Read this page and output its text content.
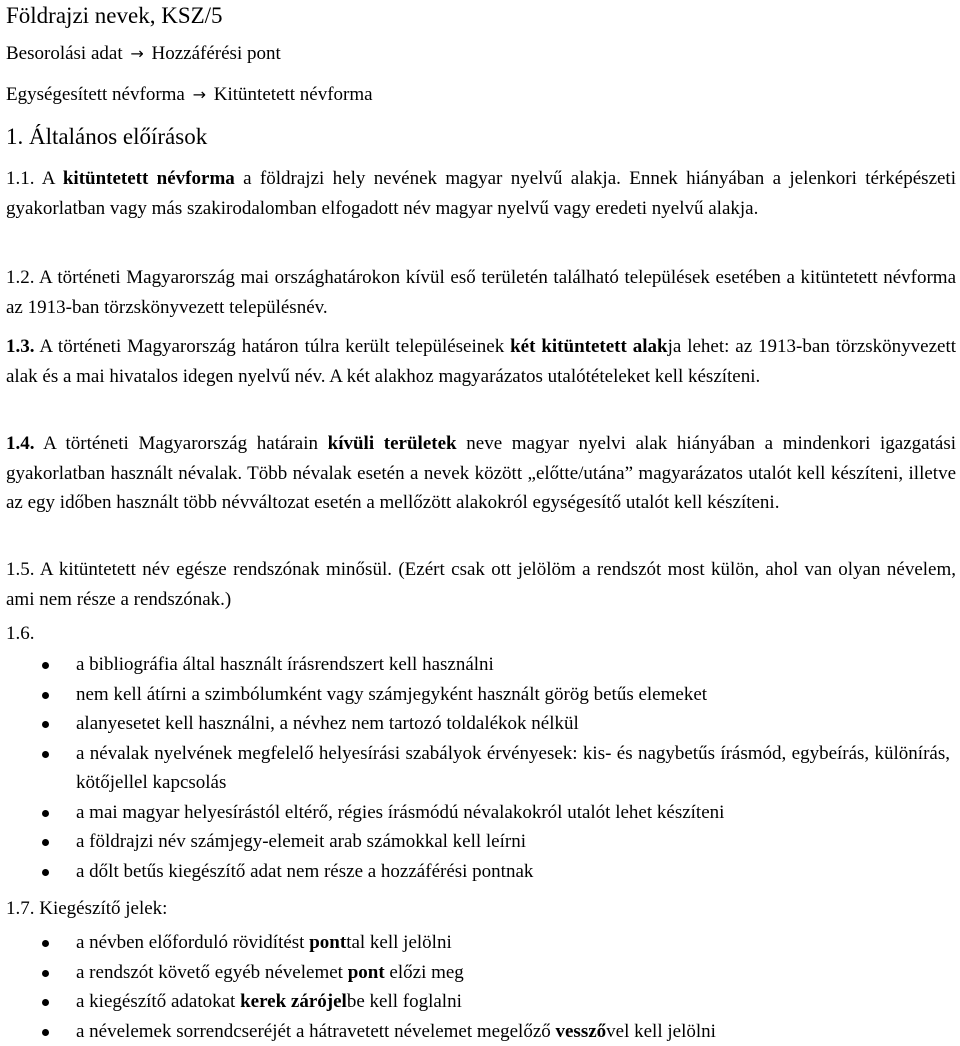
Földrajzi nevek, KSZ/5
Besorolási adat → Hozzáférési pont
Egységesített névforma → Kitüntetett névforma
1. Általános előírások
1.1. A kitüntetett névforma a földrajzi hely nevének magyar nyelvű alakja. Ennek hiányában a jelenkori térképészeti gyakorlatban vagy más szakirodalomban elfogadott név magyar nyelvű vagy eredeti nyelvű alakja.
1.2. A történeti Magyarország mai országhatárokon kívül eső területén található települések esetében a kitüntetett névforma az 1913-ban törzskönyvezett településnév.
1.3. A történeti Magyarország határon túlra került településeinek két kitüntetett alakja lehet: az 1913-ban törzskönyvezett alak és a mai hivatalos idegen nyelvű név. A két alakhoz magyarázatos utalótételeket kell készíteni.
1.4. A történeti Magyarország határain kívüli területek neve magyar nyelvi alak hiányában a mindenkori igazgatási gyakorlatban használt névalak. Több névalak esetén a nevek között „előtte/utána” magyarázatos utalót kell készíteni, illetve az egy időben használt több névváltozat esetén a mellőzött alakokról egységesítő utalót kell készíteni.
1.5. A kitüntetett név egésze rendszónak minősül. (Ezért csak ott jelölöm a rendszót most külön, ahol van olyan névelem, ami nem része a rendszónak.)
1.6.
a bibliográfia által használt írásrendszert kell használni
nem kell átírni a szimbólumként vagy számjegyként használt görög betűs elemeket
alanyesetet kell használni, a névhez nem tartozó toldalékok nélkül
a névalak nyelvének megfelelő helyesírási szabályok érvényesek: kis- és nagybetűs írásmód, egybeírás, különírás, kötőjellel kapcsolás
a mai magyar helyesírástól eltérő, régies írásmódú névalakokról utalót lehet készíteni
a földrajzi név számjegy-elemeit arab számokkal kell leírni
a dőlt betűs kiegészítő adat nem része a hozzáférési pontnak
1.7. Kiegészítő jelek:
a névben előforduló rövidítést ponttal kell jelölni
a rendszót követő egyéb névelemet pont előzi meg
a kiegészítő adatokat kerek zárójelbe kell foglalni
a névelemek sorrendcseréjét a hátravetett névelemet megelőző vesszővel kell jelölni
